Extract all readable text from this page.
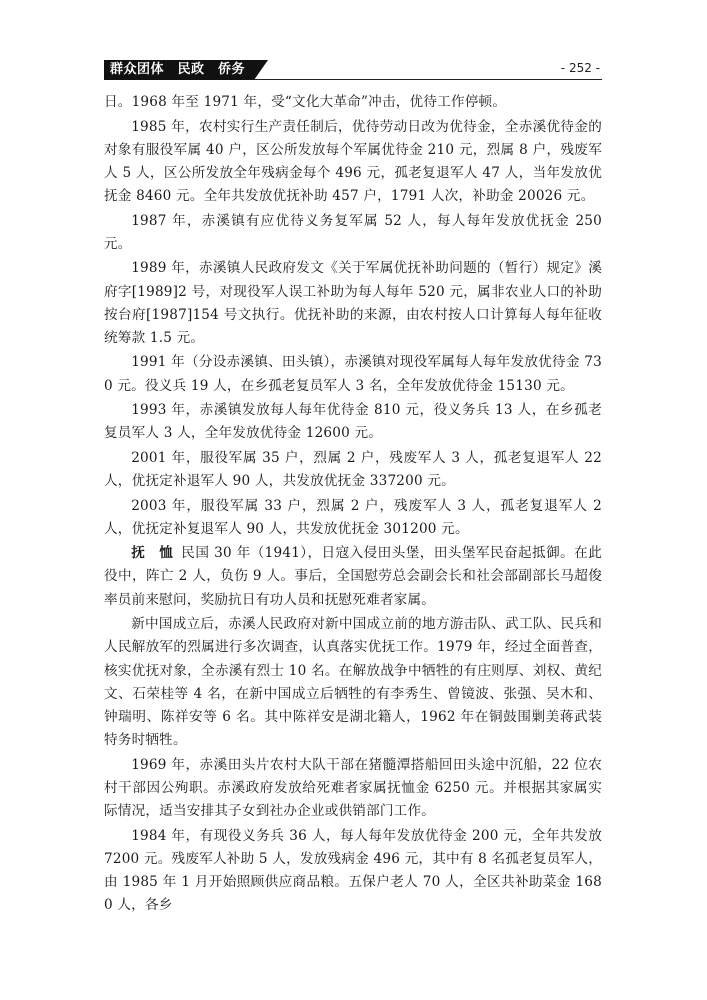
群众团体　民政　侨务	- 252 -

日。1968 年至 1971 年，受“文化大革命”冲击，优待工作停顿。

1985 年，农村实行生产责任制后，优待劳动日改为优待金，全赤溪优待金的对象有服役军属 40 户，区公所发放每个军属优待金 210 元，烈属 8 户，残废军人 5 人，区公所发放全年残病金每个 496 元，孤老复退军人 47 人，当年发放优抚金 8460 元。全年共发放优抚补助 457 户，1791 人次，补助金 20026 元。

1987 年，赤溪镇有应优待义务复军属 52 人，每人每年发放优抚金 250 元。

1989 年，赤溪镇人民政府发文《关于军属优抚补助问题的（暂行）规定》溪府字[1989]2 号，对现役军人误工补助为每人每年 520 元，属非农业人口的补助按台府[1987]154 号文执行。优抚补助的来源，由农村按人口计算每人每年征收统筹款 1.5 元。

1991 年（分设赤溪镇、田头镇），赤溪镇对现役军属每人每年发放优待金 730 元。役义兵 19 人，在乡孤老复员军人 3 名，全年发放优待金 15130 元。

1993 年，赤溪镇发放每人每年优待金 810 元，役义务兵 13 人，在乡孤老复员军人 3 人，全年发放优待金 12600 元。

2001 年，服役军属 35 户，烈属 2 户，残废军人 3 人，孤老复退军人 22 人，优抚定补退军人 90 人，共发放优抚金 337200 元。

2003 年，服役军属 33 户，烈属 2 户，残废军人 3 人，孤老复退军人 2 人，优抚定补复退军人 90 人，共发放优抚金 301200 元。

抚　恤 民国 30 年（1941），日寇入侵田头堡，田头堡军民奋起抵御。在此役中，阵亡 2 人，负伤 9 人。事后，全国慰劳总会副会长和社会部副部长马超俊率员前来慰问，奖励抗日有功人员和抚慰死难者家属。

新中国成立后，赤溪人民政府对新中国成立前的地方游击队、武工队、民兵和人民解放军的烈属进行多次调查，认真落实优抚工作。1979 年，经过全面普查，核实优抚对象，全赤溪有烈士 10 名。在解放战争中牺牲的有庄则厚、刘权、黄纪文、石荣桂等 4 名，在新中国成立后牺牲的有李秀生、曾镜波、张强、吴木和、钟瑞明、陈祥安等 6 名。其中陈祥安是湖北籍人，1962 年在铜鼓围剿美蒋武装特务时牺牲。

1969 年，赤溪田头片农村大队干部在猪髓潭搭船回田头途中沉船，22 位农村干部因公殉职。赤溪政府发放给死难者家属抚恤金 6250 元。并根据其家属实际情况，适当安排其子女到社办企业或供销部门工作。

1984 年，有现役义务兵 36 人，每人每年发放优待金 200 元，全年共发放 7200 元。残废军人补助 5 人，发放残病金 496 元，其中有 8 名孤老复员军人，由 1985 年 1 月开始照顾供应商品粮。五保户老人 70 人，全区共补助菜金 1680 人，各乡
